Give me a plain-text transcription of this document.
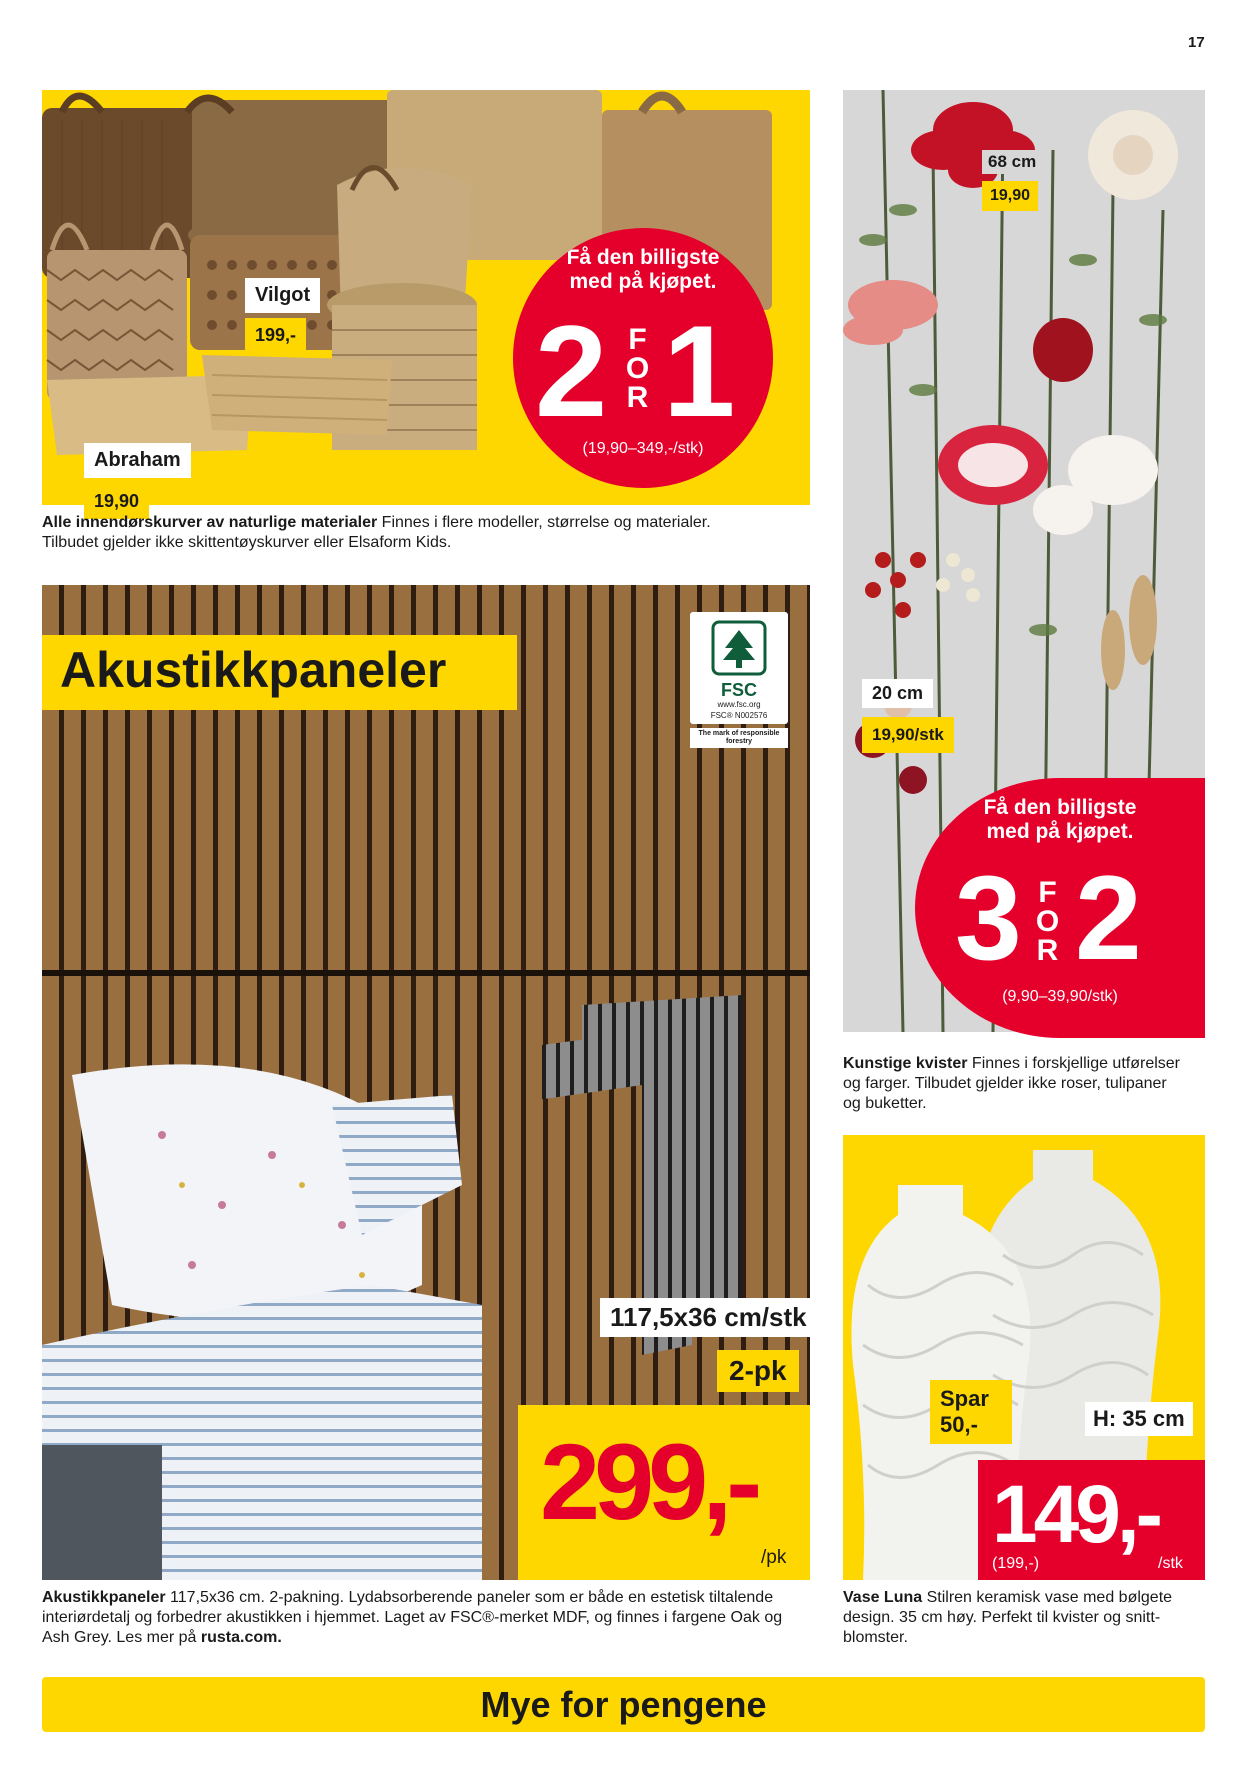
17
Vilgot
199,-
Abraham
19,90
Få den billigste
med på kjøpet.
2 FOR 1
(19,90–349,-/stk)
Alle innendørskurver av naturlige materialer Finnes i flere modeller, størrelse og materialer.
Tilbudet gjelder ikke skittentøyskurver eller Elsaform Kids.
Akustikkpaneler	FSC
www.fsc.org
FSC® N002576
The mark of responsible forestry
117,5x36 cm/stk
2-pk
299,-
/pk
Akustikkpaneler 117,5x36 cm. 2-pakning. Lydabsorberende paneler som er både en estetisk tiltalende
interiørdetalj og forbedrer akustikken i hjemmet. Laget av FSC®-merket MDF, og finnes i fargene Oak og
Ash Grey. Les mer på rusta.com.
68 cm
19,90
20 cm
19,90/stk
Få den billigste
med på kjøpet.
3 FOR 2
(9,90–39,90/stk)
Kunstige kvister Finnes i forskjellige utførelser
og farger. Tilbudet gjelder ikke roser, tulipaner
og buketter.
Spar
50,-	H: 35 cm
149,-
(199,-)	/stk
Vase Luna Stilren keramisk vase med bølgete
design. 35 cm høy. Perfekt til kvister og snitt-
blomster.
Mye for pengene
